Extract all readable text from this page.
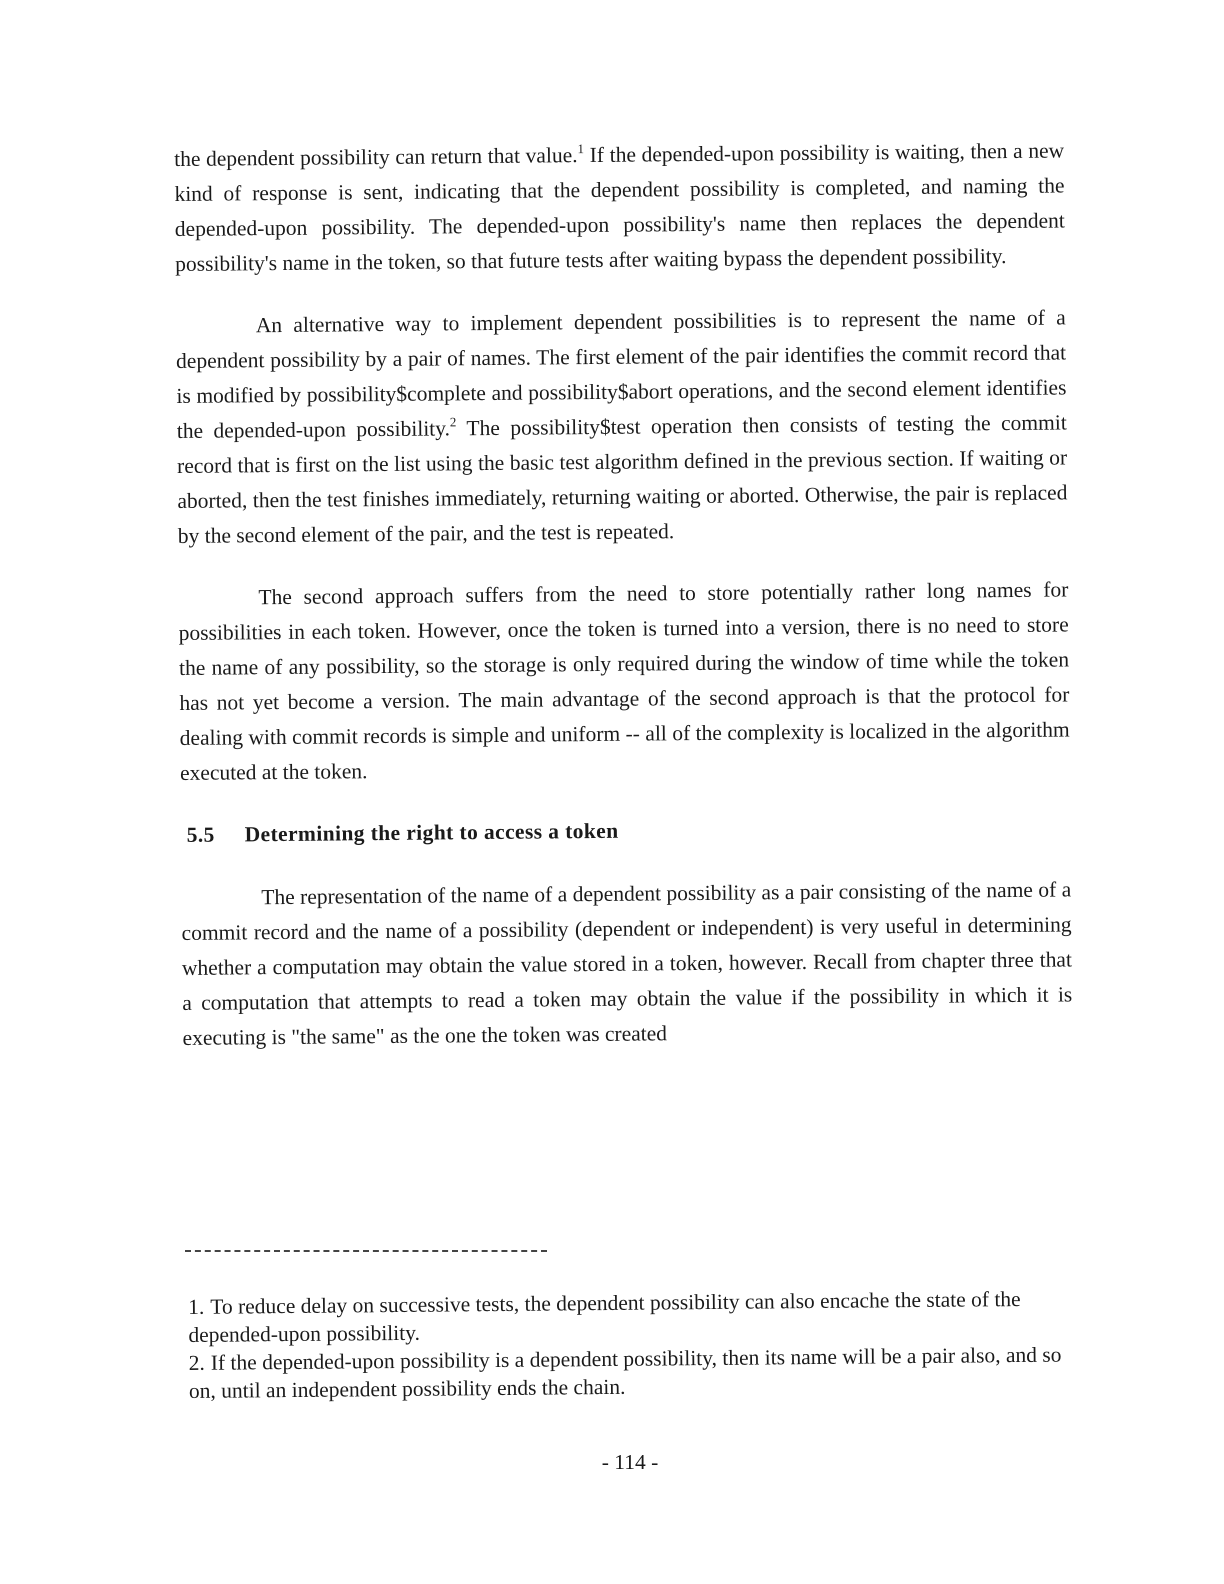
the dependent possibility can return that value.$^1$ If the depended-upon possibility is waiting, then a new kind of response is sent, indicating that the dependent possibility is completed, and naming the depended-upon possibility. The depended-upon possibility's name then replaces the dependent possibility's name in the token, so that future tests after waiting bypass the dependent possibility.

An alternative way to implement dependent possibilities is to represent the name of a dependent possibility by a pair of names. The first element of the pair identifies the commit record that is modified by possibility$complete and possibility$abort operations, and the second element identifies the depended-upon possibility.$^2$ The possibility$test operation then consists of testing the commit record that is first on the list using the basic test algorithm defined in the previous section. If waiting or aborted, then the test finishes immediately, returning waiting or aborted. Otherwise, the pair is replaced by the second element of the pair, and the test is repeated.

The second approach suffers from the need to store potentially rather long names for possibilities in each token. However, once the token is turned into a version, there is no need to store the name of any possibility, so the storage is only required during the window of time while the token has not yet become a version. The main advantage of the second approach is that the protocol for dealing with commit records is simple and uniform -- all of the complexity is localized in the algorithm executed at the token.

5.5 Determining the right to access a token

The representation of the name of a dependent possibility as a pair consisting of the name of a commit record and the name of a possibility (dependent or independent) is very useful in determining whether a computation may obtain the value stored in a token, however. Recall from chapter three that a computation that attempts to read a token may obtain the value if the possibility in which it is executing is "the same" as the one the token was created

1. To reduce delay on successive tests, the dependent possibility can also encache the state of the depended-upon possibility.

2. If the depended-upon possibility is a dependent possibility, then its name will be a pair also, and so on, until an independent possibility ends the chain.

- 114 -
